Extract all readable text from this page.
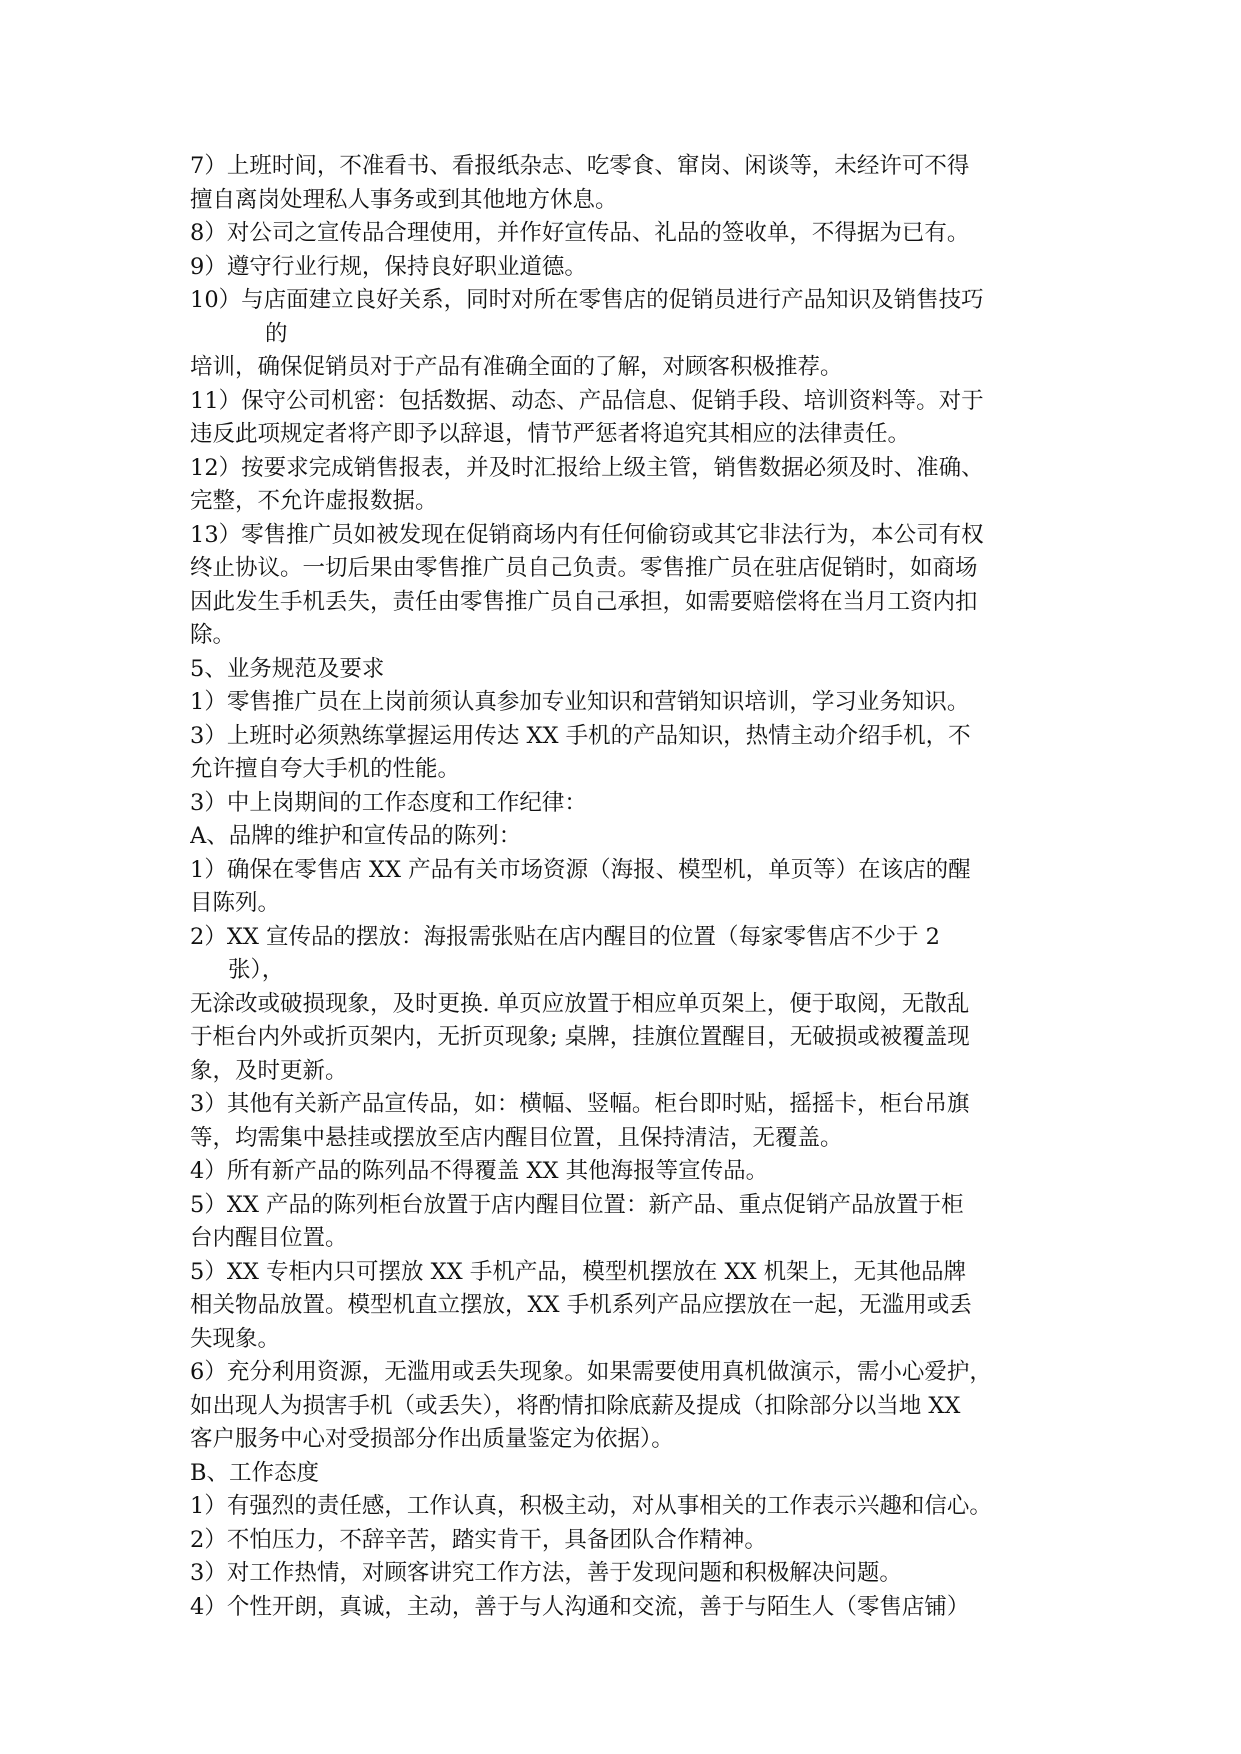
7）上班时间，不准看书、看报纸杂志、吃零食、窜岗、闲谈等，未经许可不得
擅自离岗处理私人事务或到其他地方休息。
8）对公司之宣传品合理使用，并作好宣传品、礼品的签收单，不得据为已有。
9）遵守行业行规，保持良好职业道德。
10）与店面建立良好关系，同时对所在零售店的促销员进行产品知识及销售技巧
的
培训，确保促销员对于产品有准确全面的了解，对顾客积极推荐。
11）保守公司机密：包括数据、动态、产品信息、促销手段、培训资料等。对于
违反此项规定者将产即予以辞退，情节严惩者将追究其相应的法律责任。
12）按要求完成销售报表，并及时汇报给上级主管，销售数据必须及时、准确、
完整，不允许虚报数据。
13）零售推广员如被发现在促销商场内有任何偷窃或其它非法行为，本公司有权
终止协议。一切后果由零售推广员自己负责。零售推广员在驻店促销时，如商场
因此发生手机丢失，责任由零售推广员自己承担，如需要赔偿将在当月工资内扣
除。
5、业务规范及要求
1）零售推广员在上岗前须认真参加专业知识和营销知识培训，学习业务知识。
3）上班时必须熟练掌握运用传达 XX 手机的产品知识，热情主动介绍手机，不
允许擅自夸大手机的性能。
3）中上岗期间的工作态度和工作纪律：
A、品牌的维护和宣传品的陈列：
1）确保在零售店 XX 产品有关市场资源（海报、模型机，单页等）在该店的醒
目陈列。
2）XX 宣传品的摆放：海报需张贴在店内醒目的位置（每家零售店不少于 2
张），
无涂改或破损现象，及时更换. 单页应放置于相应单页架上，便于取阅，无散乱
于柜台内外或折页架内，无折页现象; 桌牌，挂旗位置醒目，无破损或被覆盖现
象，及时更新。
3）其他有关新产品宣传品，如：横幅、竖幅。柜台即时贴，摇摇卡，柜台吊旗
等，均需集中悬挂或摆放至店内醒目位置，且保持清洁，无覆盖。
4）所有新产品的陈列品不得覆盖 XX 其他海报等宣传品。
5）XX 产品的陈列柜台放置于店内醒目位置：新产品、重点促销产品放置于柜
台内醒目位置。
5）XX 专柜内只可摆放 XX 手机产品，模型机摆放在 XX 机架上，无其他品牌
相关物品放置。模型机直立摆放，XX 手机系列产品应摆放在一起，无滥用或丢
失现象。
6）充分利用资源，无滥用或丢失现象。如果需要使用真机做演示，需小心爱护，
如出现人为损害手机（或丢失），将酌情扣除底薪及提成（扣除部分以当地 XX
客户服务中心对受损部分作出质量鉴定为依据）。
B、工作态度
1）有强烈的责任感，工作认真，积极主动，对从事相关的工作表示兴趣和信心。
2）不怕压力，不辞辛苦，踏实肯干，具备团队合作精神。
3）对工作热情，对顾客讲究工作方法，善于发现问题和积极解决问题。
4）个性开朗，真诚，主动，善于与人沟通和交流，善于与陌生人（零售店铺）
